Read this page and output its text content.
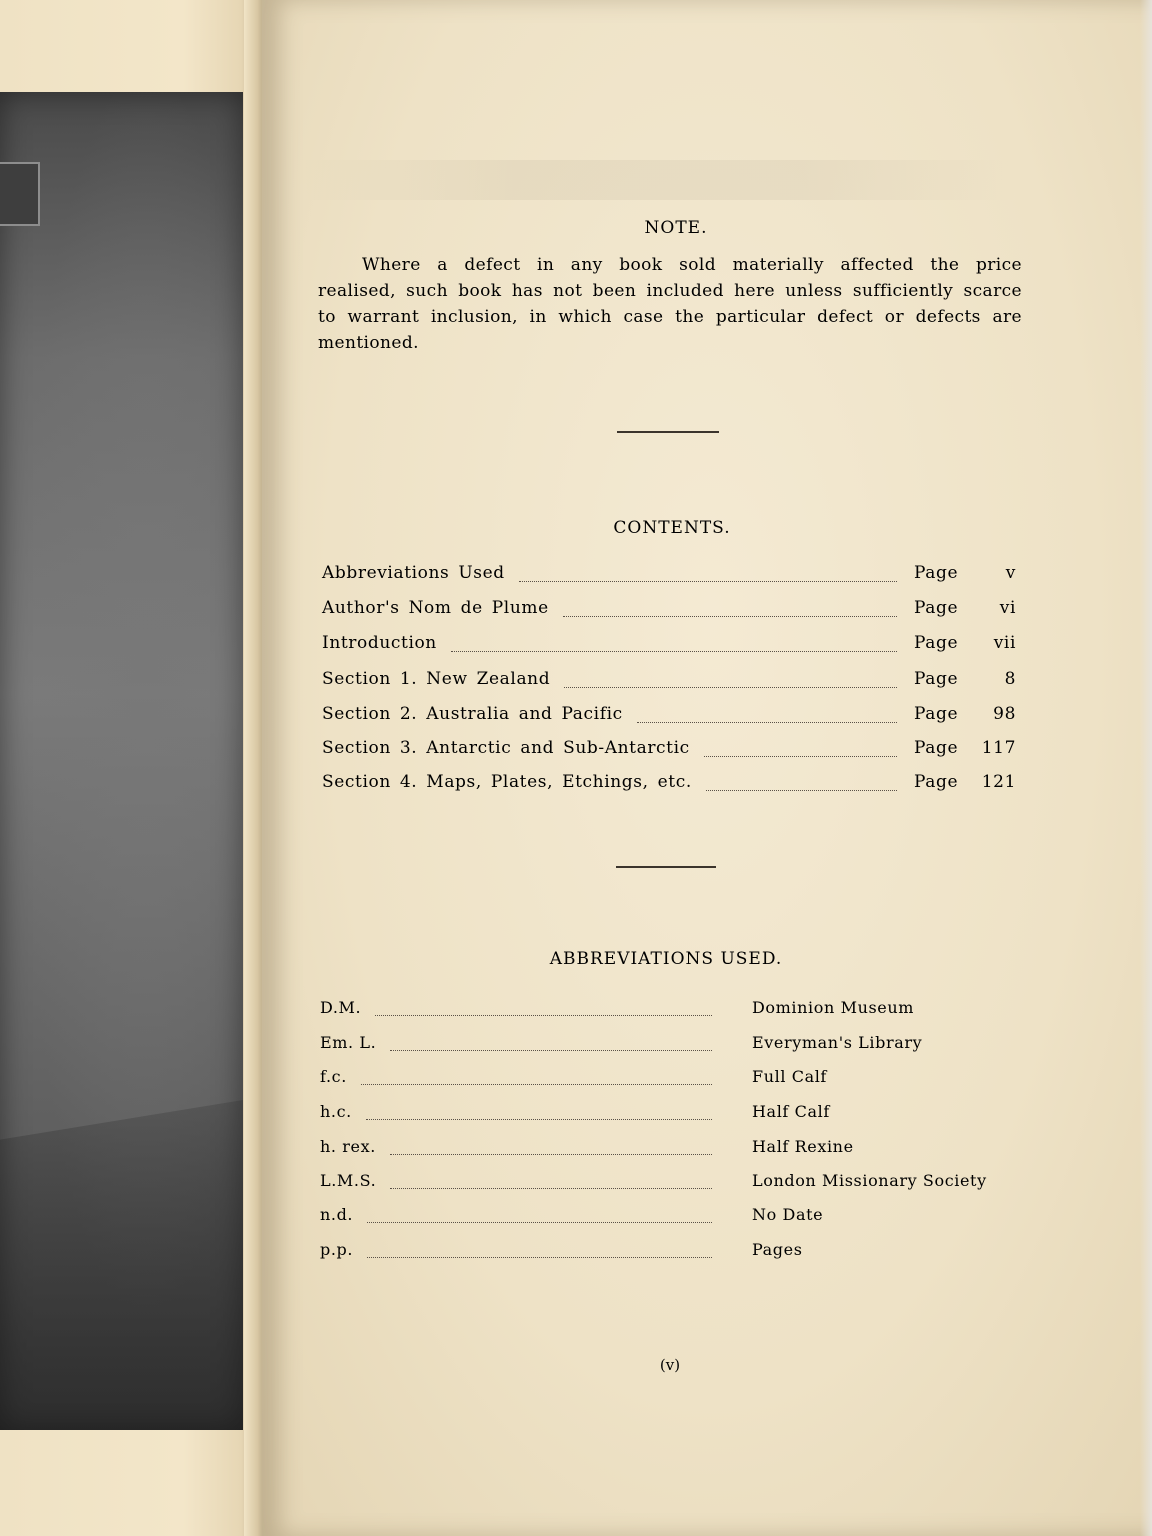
NOTE.
Where a defect in any book sold materially affected the price realised, such book has not been included here unless sufficiently scarce to warrant inclusion, in which case the particular defect or defects are mentioned.
CONTENTS.
Abbreviations Used	Page	v
Author's Nom de Plume	Page vi
Introduction	Page vii
Section 1. New Zealand	Page	8
Section 2. Australia and Pacific	Page 98
Section 3. Antarctic and Sub-Antarctic	Page 117
Section 4. Maps, Plates, Etchings, etc.	Page 121
ABBREVIATIONS USED.
D.M.	Dominion Museum
Em. L.	Everyman's Library
f.c.	Full Calf
h.c.	Half Calf
h. rex.	Half Rexine
L.M.S.	London Missionary Society
n.d.	No Date
p.p.	Pages
(v)
